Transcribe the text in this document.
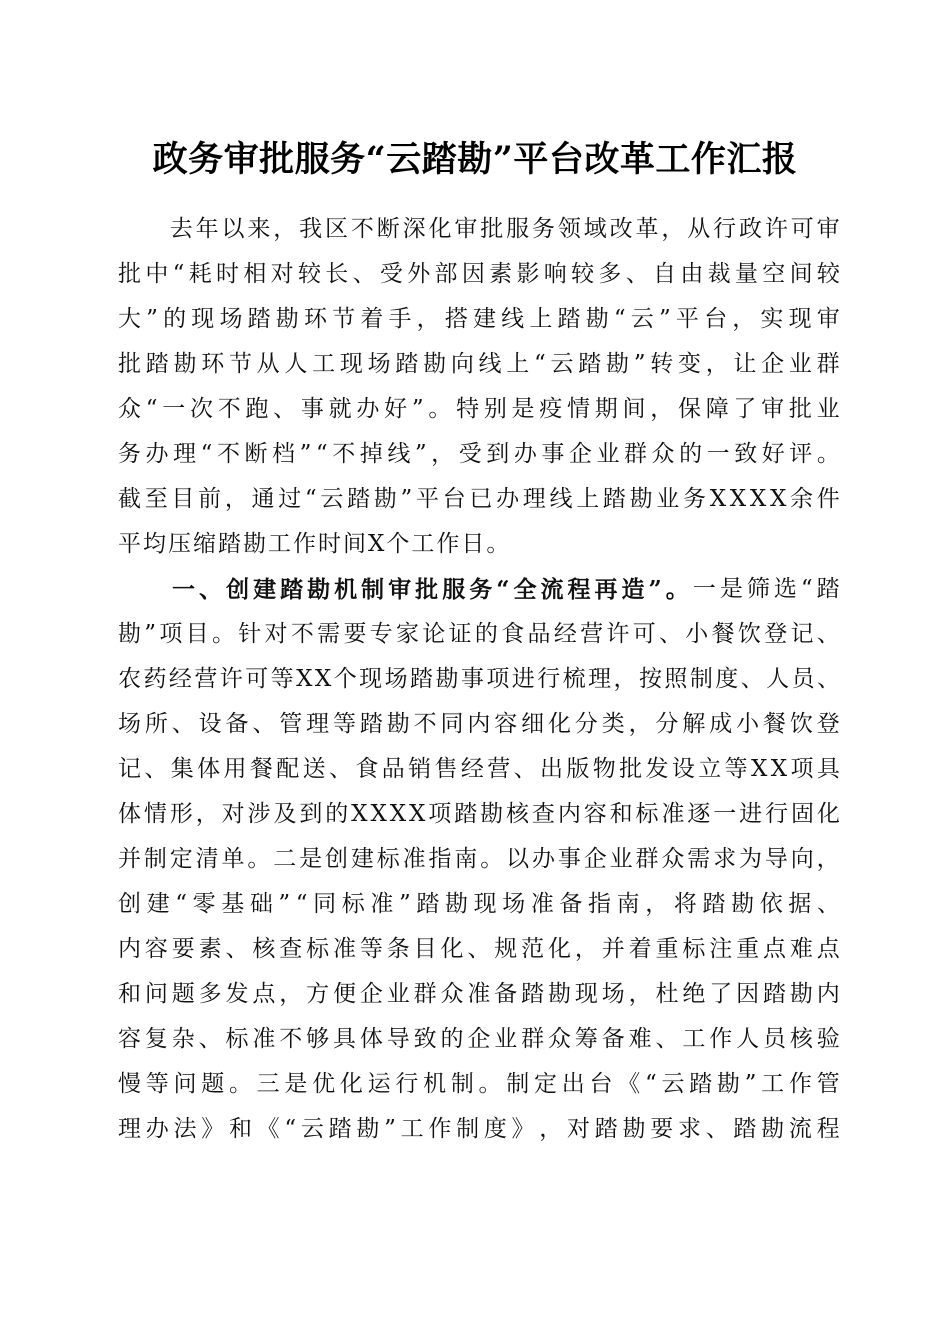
政务审批服务“云踏勘”平台改革工作汇报

去 年 以 来 ， 我 区 不 断 深 化 审 批 服 务 领 域 改 革 ， 从 行 政 许 可 审
批 中 “ 耗 时 相 对 较 长 、 受 外 部 因 素 影 响 较 多 、 自 由 裁 量 空 间 较
大 ” 的 现 场 踏 勘 环 节 着 手 ， 搭 建 线 上 踏 勘 “ 云 ” 平 台 ， 实 现 审
批 踏 勘 环 节 从 人 工 现 场 踏 勘 向 线 上 “ 云 踏 勘 ” 转 变 ， 让 企 业 群
众 “ 一 次 不 跑 、 事 就 办 好 ” 。 特 别 是 疫 情 期 间 ， 保 障 了 审 批 业
务 办 理 “ 不 断 档 ” “ 不 掉 线 ” ， 受 到 办 事 企 业 群 众 的 一 致 好 评 。
截 至 目 前 ， 通 过 “ 云 踏 勘 ” 平 台 已 办 理 线 上 踏 勘 业 务 X X X X 余 件
平 均 压 缩 踏 勘 工 作 时 间 X 个 工 作 日 。

一 、 创 建 踏 勘 机 制 审 批 服 务 “ 全 流 程 再 造 ” 。 一 是 筛 选 “ 踏
勘 ” 项 目 。 针 对 不 需 要 专 家 论 证 的 食 品 经 营 许 可 、 小 餐 饮 登 记 、
农 药 经 营 许 可 等 X X 个 现 场 踏 勘 事 项 进 行 梳 理 ， 按 照 制 度 、 人 员 、
场 所 、 设 备 、 管 理 等 踏 勘 不 同 内 容 细 化 分 类 ， 分 解 成 小 餐 饮 登
记 、 集 体 用 餐 配 送 、 食 品 销 售 经 营 、 出 版 物 批 发 设 立 等 X X 项 具
体 情 形 ， 对 涉 及 到 的 X X X X 项 踏 勘 核 查 内 容 和 标 准 逐 一 进 行 固 化
并 制 定 清 单 。 二 是 创 建 标 准 指 南 。 以 办 事 企 业 群 众 需 求 为 导 向 ，
创 建 “ 零 基 础 ” “ 同 标 准 ” 踏 勘 现 场 准 备 指 南 ， 将 踏 勘 依 据 、
内 容 要 素 、 核 查 标 准 等 条 目 化 、 规 范 化 ， 并 着 重 标 注 重 点 难 点
和 问 题 多 发 点 ， 方 便 企 业 群 众 准 备 踏 勘 现 场 ， 杜 绝 了 因 踏 勘 内
容 复 杂 、 标 准 不 够 具 体 导 致 的 企 业 群 众 筹 备 难 、 工 作 人 员 核 验
慢 等 问 题 。 三 是 优 化 运 行 机 制 。 制 定 出 台 《 “ 云 踏 勘 ” 工 作 管
理 办 法 》 和 《 “ 云 踏 勘 ” 工 作 制 度 》 ， 对 踏 勘 要 求 、 踏 勘 流 程
